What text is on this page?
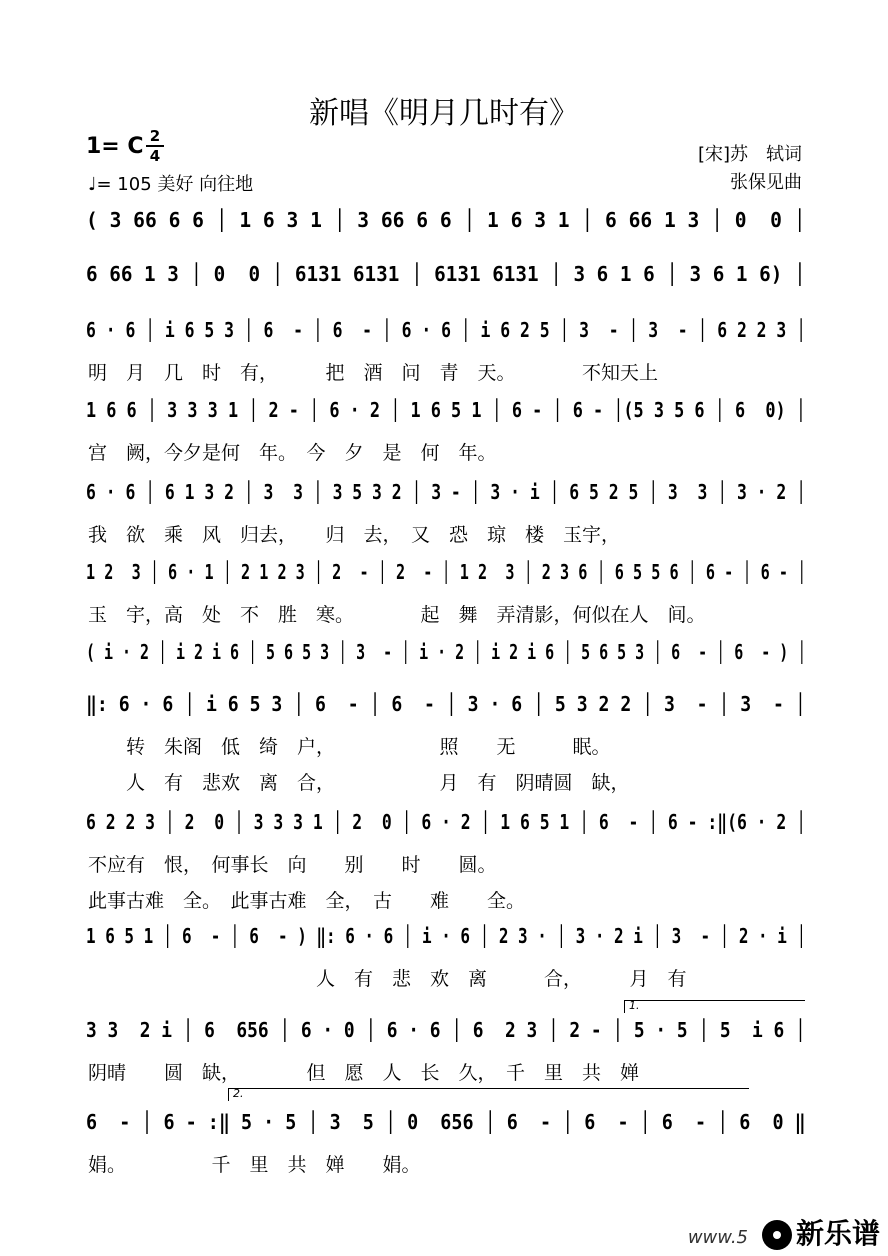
新唱《明月几时有》
1= C 2
4
♩= 105 美好 向往地
[宋]苏　轼词
张保见曲
( 3 66 6 6 │ 1 6 3 1 │ 3 66 6 6 │ 1 6 3 1 │ 6 66 1 3 │ 0  0 │
6 66 1 3 │ 0  0 │ 6131 6131 │ 6131 6131 │ 3 6 1 6 │ 3 6 1 6) │
6 · 6 │ i 6 5 3 │ 6  - │ 6  - │ 6 · 6 │ i 6 2 5 │ 3  - │ 3  - │ 6 2 2 3 │
明　月　几　时　有，　　　把　酒　问　青　天。　　　　不知天上
1 6 6 │ 3 3 3 1 │ 2 - │ 6 · 2 │ 1 6 5 1 │ 6 - │ 6 - │(5 3 5 6 │ 6  0) │
宫　阙，今夕是何　年。　今　夕　是　何　年。
6 · 6 │ 6 1 3 2 │ 3  3 │ 3 5 3 2 │ 3 - │ 3 · i │ 6 5 2 5 │ 3  3 │ 3 · 2 │
我　欲　乘　风　归去，　　归　去，　又　恐　琼　楼　玉宇，
1 2  3 │ 6 · 1 │ 2 1 2 3 │ 2  - │ 2  - │ 1 2  3 │ 2 3 6 │ 6 5 5 6 │ 6 - │ 6 - │
玉　宇，高　处　不　胜　寒。　　　　起　舞　弄清影，何似在人　间。
( i · 2 │ i 2 i 6 │ 5 6 5 3 │ 3  - │ i · 2 │ i 2 i 6 │ 5 6 5 3 │ 6  - │ 6  - ) │
‖: 6 · 6 │ i 6 5 3 │ 6  - │ 6  - │ 3 · 6 │ 5 3 2 2 │ 3  - │ 3  - │
　　转　朱阁　低　绮　户，　　　　　　照　　无　　　眠。
　　人　有　悲欢　离　合，　　　　　　月　有　阴晴圆　缺，
6 2 2 3 │ 2  0 │ 3 3 3 1 │ 2  0 │ 6 · 2 │ 1 6 5 1 │ 6  - │ 6 - :‖(6 · 2 │
不应有　恨，　何事长　向　　别　　时　　圆。
此事古难　全。　此事古难　全，　古　　难　　全。
1 6 5 1 │ 6  - │ 6  - ) ‖: 6 · 6 │ i · 6 │ 2 3 · │ 3 · 2 i │ 3  - │ 2 · i │
　　　　　　　　　　　　人　有　悲　欢　离　　　合，　　　月　有
3 3  2 i │ 6  656 │ 6 · 0 │ 6 · 6 │ 6  2 3 │ 2 - │ 5 · 5 │ 5  i 6 │
阴晴　　圆　缺，　　　　但　愿　人　长　久，　千　里　共　婵
6  - │ 6 - :‖ 5 · 5 │ 3  5 │ 0  656 │ 6  - │ 6  - │ 6  - │ 6  0 ‖
娟。　　　　　千　里　共　婵　　娟。
1.
2.
www.5	新乐谱
